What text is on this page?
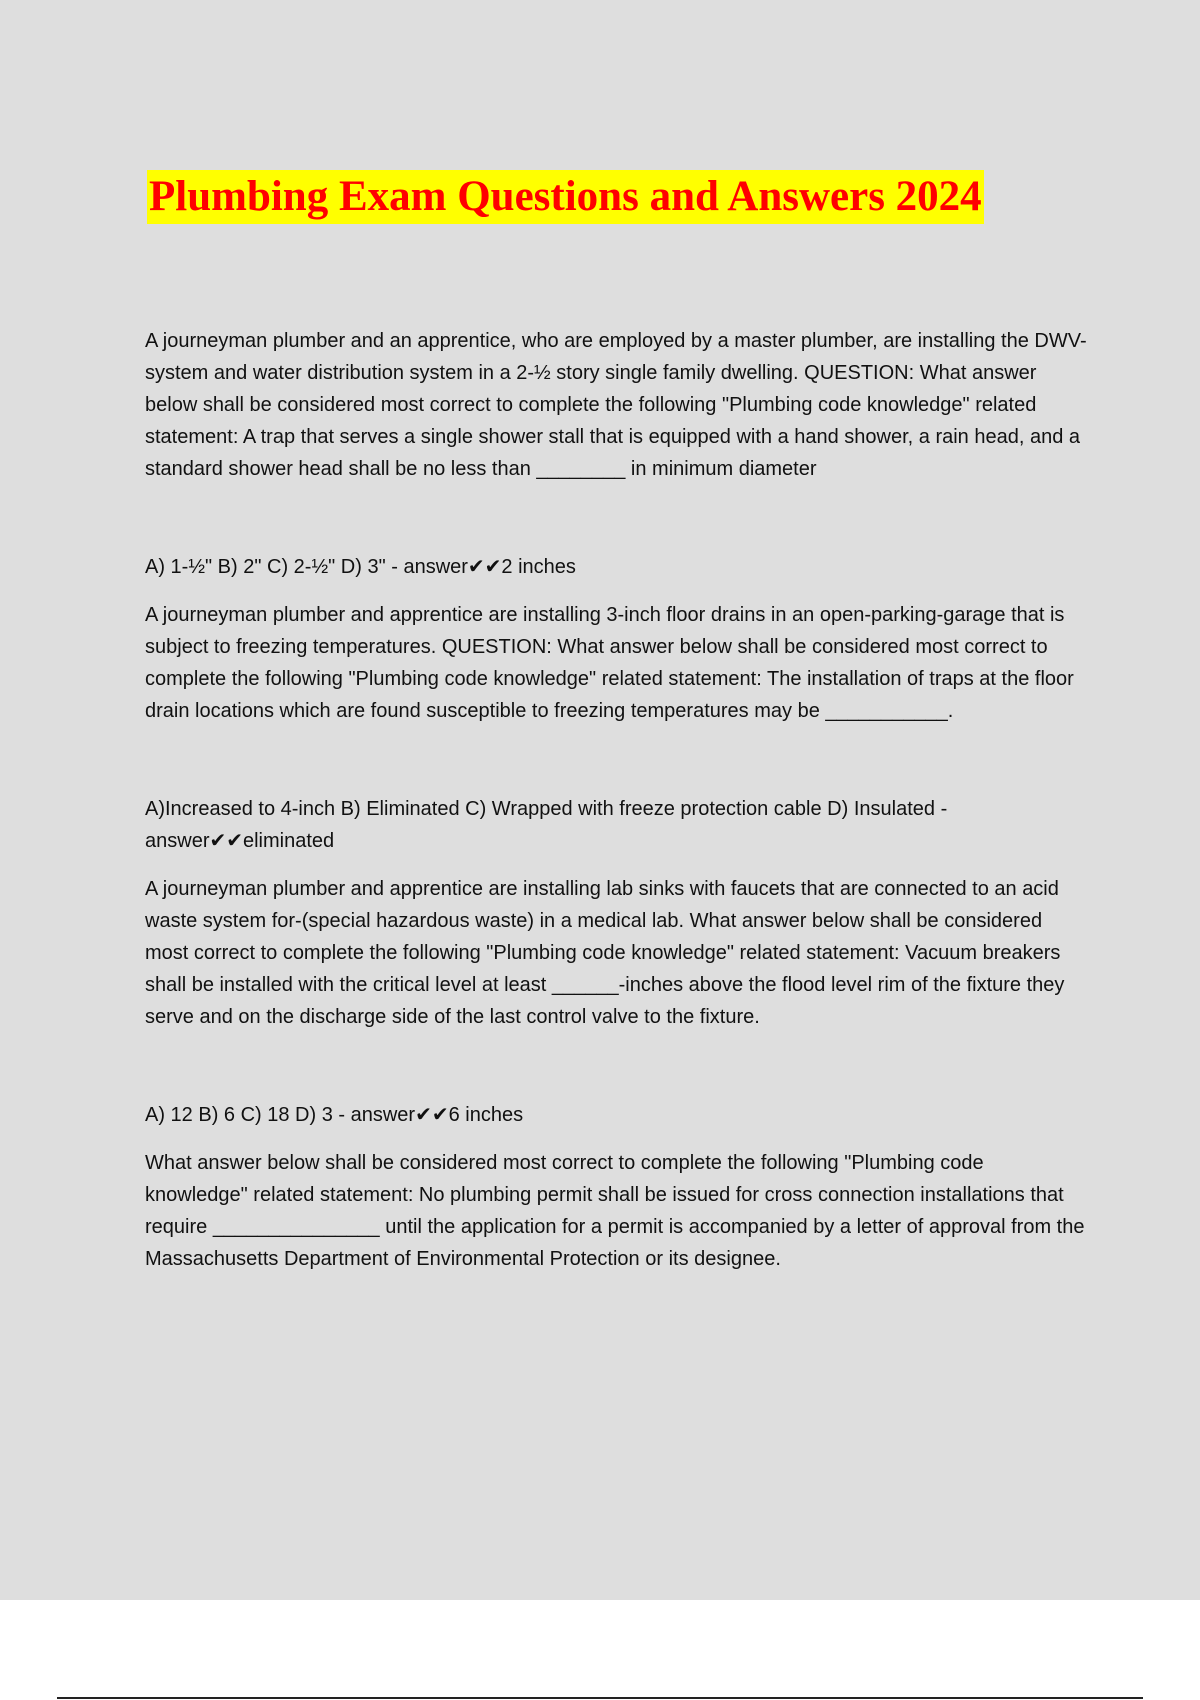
Plumbing Exam Questions and Answers 2024

A journeyman plumber and an apprentice, who are employed by a master plumber, are installing the DWV-system and water distribution system in a 2-½ story single family dwelling. QUESTION: What answer below shall be considered most correct to complete the following "Plumbing code knowledge" related statement: A trap that serves a single shower stall that is equipped with a hand shower, a rain head, and a standard shower head shall be no less than ________ in minimum diameter

A) 1-½" B) 2" C) 2-½" D) 3" - answer✔✔2 inches

A journeyman plumber and apprentice are installing 3-inch floor drains in an open-parking-garage that is subject to freezing temperatures. QUESTION: What answer below shall be considered most correct to complete the following "Plumbing code knowledge" related statement: The installation of traps at the floor drain locations which are found susceptible to freezing temperatures may be ___________.

A)Increased to 4-inch B) Eliminated C) Wrapped with freeze protection cable D) Insulated - answer✔✔eliminated

A journeyman plumber and apprentice are installing lab sinks with faucets that are connected to an acid waste system for-(special hazardous waste) in a medical lab. What answer below shall be considered most correct to complete the following "Plumbing code knowledge" related statement: Vacuum breakers shall be installed with the critical level at least ______-inches above the flood level rim of the fixture they serve and on the discharge side of the last control valve to the fixture.

A) 12 B) 6 C) 18 D) 3 - answer✔✔6 inches

What answer below shall be considered most correct to complete the following "Plumbing code knowledge" related statement: No plumbing permit shall be issued for cross connection installations that require _______________ until the application for a permit is accompanied by a letter of approval from the Massachusetts Department of Environmental Protection or its designee.
